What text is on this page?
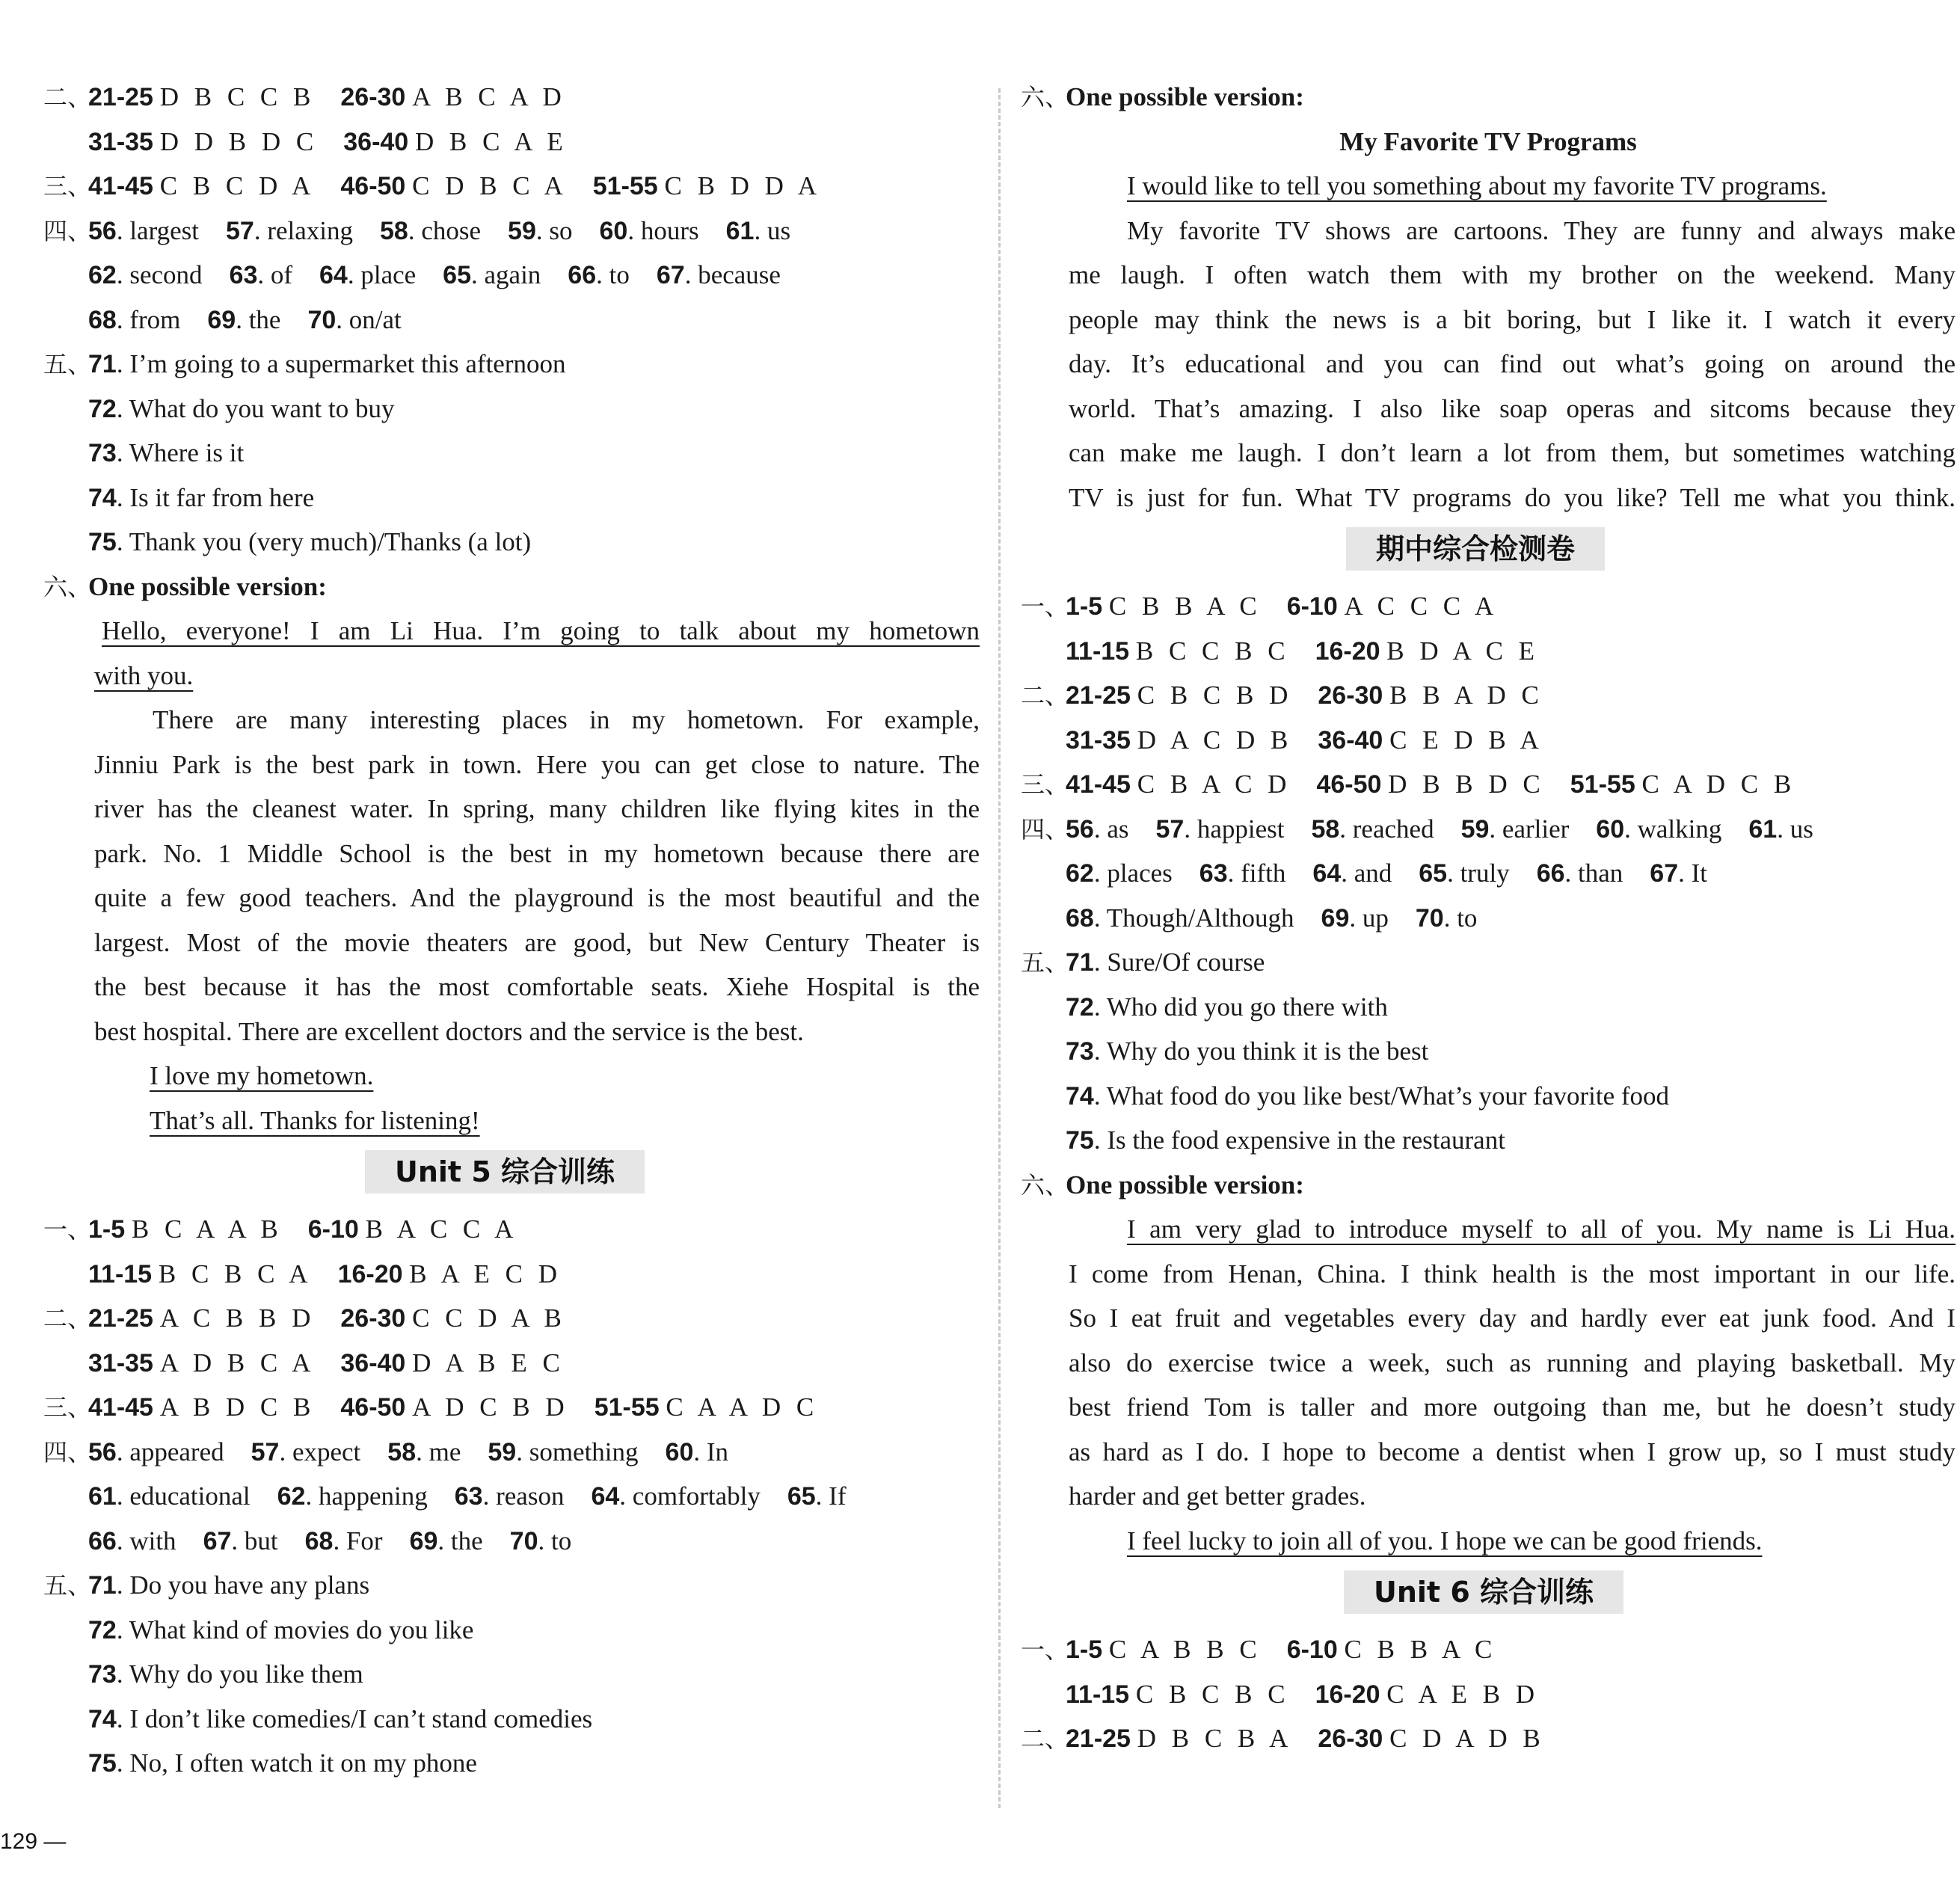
二、21-25 D B C C B 26-30 A B C A D
31-35 D D B D C 36-40 D B C A E
三、41-45 C B C D A 46-50 C D B C A 51-55 C B D D A
四、56. largest 57. relaxing 58. chose 59. so 60. hours 61. us
62. second 63. of 64. place 65. again 66. to 67. because
68. from 69. the 70. on/at
五、71. I’m going to a supermarket this afternoon
72. What do you want to buy
73. Where is it
74. Is it far from here
75. Thank you (very much)/Thanks (a lot)
六、One possible version:
Hello, everyone! I am Li Hua. I’m going to talk about my hometown
with you.
There are many interesting places in my hometown. For example,
Jinniu Park is the best park in town. Here you can get close to nature. The
river has the cleanest water. In spring, many children like flying kites in the
park. No. 1 Middle School is the best in my hometown because there are
quite a few good teachers. And the playground is the most beautiful and the
largest. Most of the movie theaters are good, but New Century Theater is
the best because it has the most comfortable seats. Xiehe Hospital is the
best hospital. There are excellent doctors and the service is the best.
I love my hometown.
That’s all. Thanks for listening!
Unit 5 综合训练
一、1-5 B C A A B 6-10 B A C C A
11-15 B C B C A 16-20 B A E C D
二、21-25 A C B B D 26-30 C C D A B
31-35 A D B C A 36-40 D A B E C
三、41-45 A B D C B 46-50 A D C B D 51-55 C A A D C
四、56. appeared 57. expect 58. me 59. something 60. In
61. educational 62. happening 63. reason 64. comfortably 65. If
66. with 67. but 68. For 69. the 70. to
五、71. Do you have any plans
72. What kind of movies do you like
73. Why do you like them
74. I don’t like comedies/I can’t stand comedies
75. No, I often watch it on my phone
六、One possible version:
My Favorite TV Programs
I would like to tell you something about my favorite TV programs.
My favorite TV shows are cartoons. They are funny and always make
me laugh. I often watch them with my brother on the weekend. Many
people may think the news is a bit boring, but I like it. I watch it every
day. It’s educational and you can find out what’s going on around the
world. That’s amazing. I also like soap operas and sitcoms because they
can make me laugh. I don’t learn a lot from them, but sometimes watching
TV is just for fun. What TV programs do you like? Tell me what you think.
期中综合检测卷
一、1-5 C B B A C 6-10 A C C C A
11-15 B C C B C 16-20 B D A C E
二、21-25 C B C B D 26-30 B B A D C
31-35 D A C D B 36-40 C E D B A
三、41-45 C B A C D 46-50 D B B D C 51-55 C A D C B
四、56. as 57. happiest 58. reached 59. earlier 60. walking 61. us
62. places 63. fifth 64. and 65. truly 66. than 67. It
68. Though/Although 69. up 70. to
五、71. Sure/Of course
72. Who did you go there with
73. Why do you think it is the best
74. What food do you like best/What’s your favorite food
75. Is the food expensive in the restaurant
六、One possible version:
I am very glad to introduce myself to all of you. My name is Li Hua.
I come from Henan, China. I think health is the most important in our life.
So I eat fruit and vegetables every day and hardly ever eat junk food. And I
also do exercise twice a week, such as running and playing basketball. My
best friend Tom is taller and more outgoing than me, but he doesn’t study
as hard as I do. I hope to become a dentist when I grow up, so I must study
harder and get better grades.
I feel lucky to join all of you. I hope we can be good friends.
Unit 6 综合训练
一、1-5 C A B B C 6-10 C B B A C
11-15 C B C B C 16-20 C A E B D
二、21-25 D B C B A 26-30 C D A D B
129 —
